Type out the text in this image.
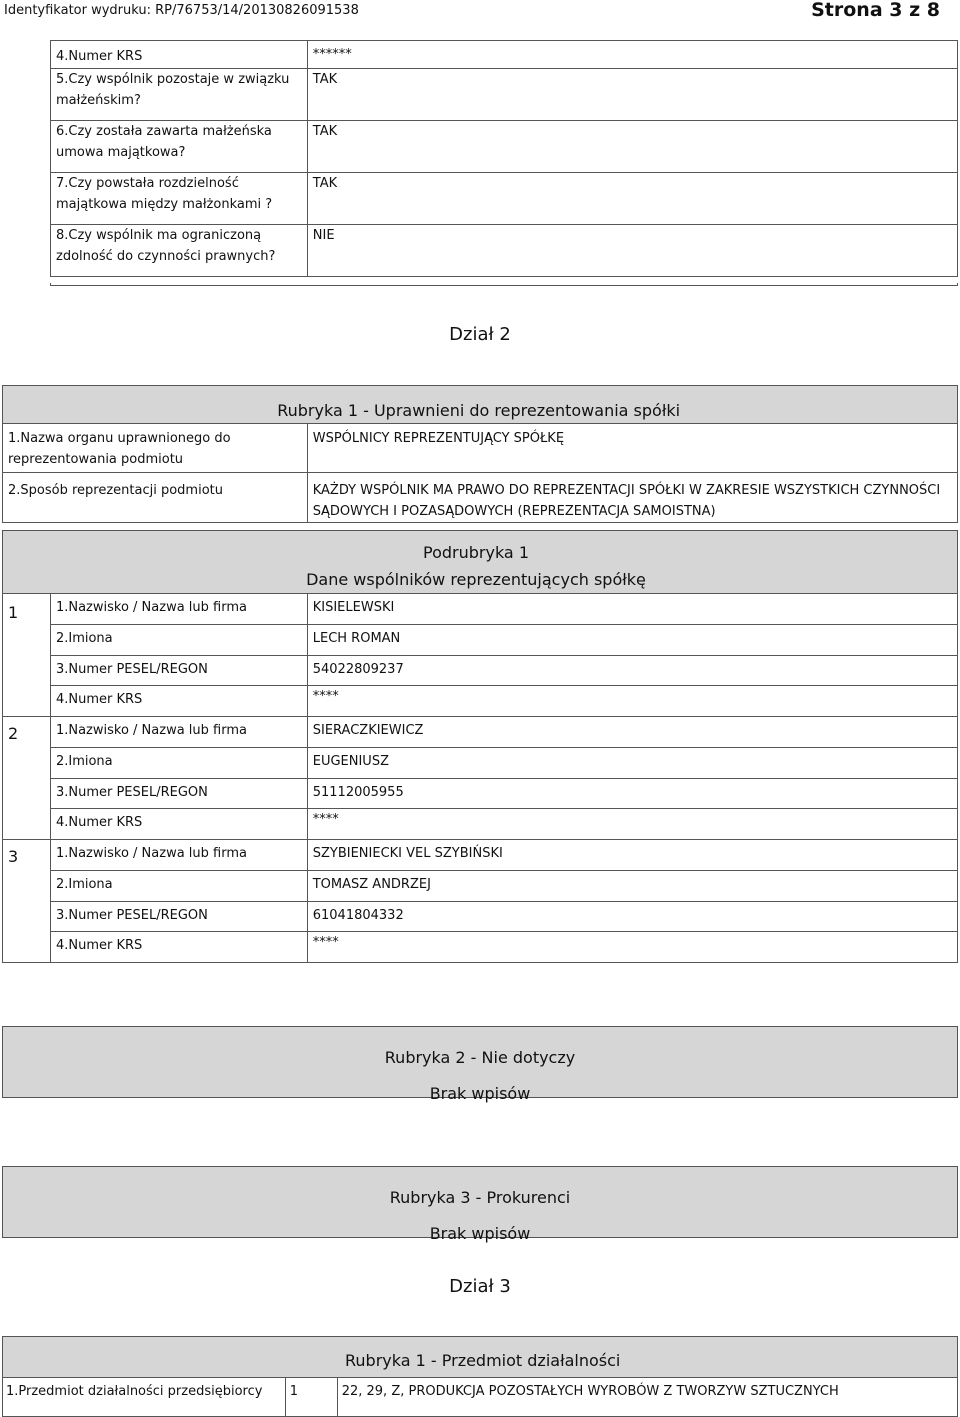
Identyfikator wydruku: RP/76753/14/20130826091538	Strona 3 z 8
4.Numer KRS	******
5.Czy wspólnik pozostaje w związku małżeńskim?	TAK
6.Czy została zawarta małżeńska umowa majątkowa?	TAK
7.Czy powstała rozdzielność majątkowa między małżonkami ?	TAK
8.Czy wspólnik ma ograniczoną zdolność do czynności prawnych?	NIE
Dział 2
	Rubryka 1 - Uprawnieni do reprezentowania spółki
1.Nazwa organu uprawnionego do reprezentowania podmiotu	WSPÓLNICY REPREZENTUJĄCY SPÓŁKĘ
2.Sposób reprezentacji podmiotu	KAŻDY WSPÓLNIK MA PRAWO DO REPREZENTACJI SPÓŁKI W ZAKRESIE WSZYSTKICH CZYNNOŚCI SĄDOWYCH I POZASĄDOWYCH (REPREZENTACJA SAMOISTNA)
Podrubryka 1
Dane wspólników reprezentujących spółkę		

1	1.Nazwisko / Nazwa lub firma	KISIELEWSKI
	2.Imiona	LECH ROMAN
	3.Numer PESEL/REGON	54022809237
	4.Numer KRS	****
2	1.Nazwisko / Nazwa lub firma	SIERACZKIEWICZ
	2.Imiona	EUGENIUSZ
	3.Numer PESEL/REGON	51112005955
	4.Numer KRS	****
3	1.Nazwisko / Nazwa lub firma	SZYBIENIECKI VEL SZYBIŃSKI
	2.Imiona	TOMASZ ANDRZEJ
	3.Numer PESEL/REGON	61041804332
	4.Numer KRS	****
Rubryka 2 - Nie dotyczy
Brak wpisów
Rubryka 3 - Prokurenci
Brak wpisów
Dział 3
Rubryka 1 - Przedmiot działalności
1.Przedmiot działalności przedsiębiorcy	1	22, 29, Z, PRODUKCJA POZOSTAŁYCH WYROBÓW Z TWORZYW SZTUCZNYCH
